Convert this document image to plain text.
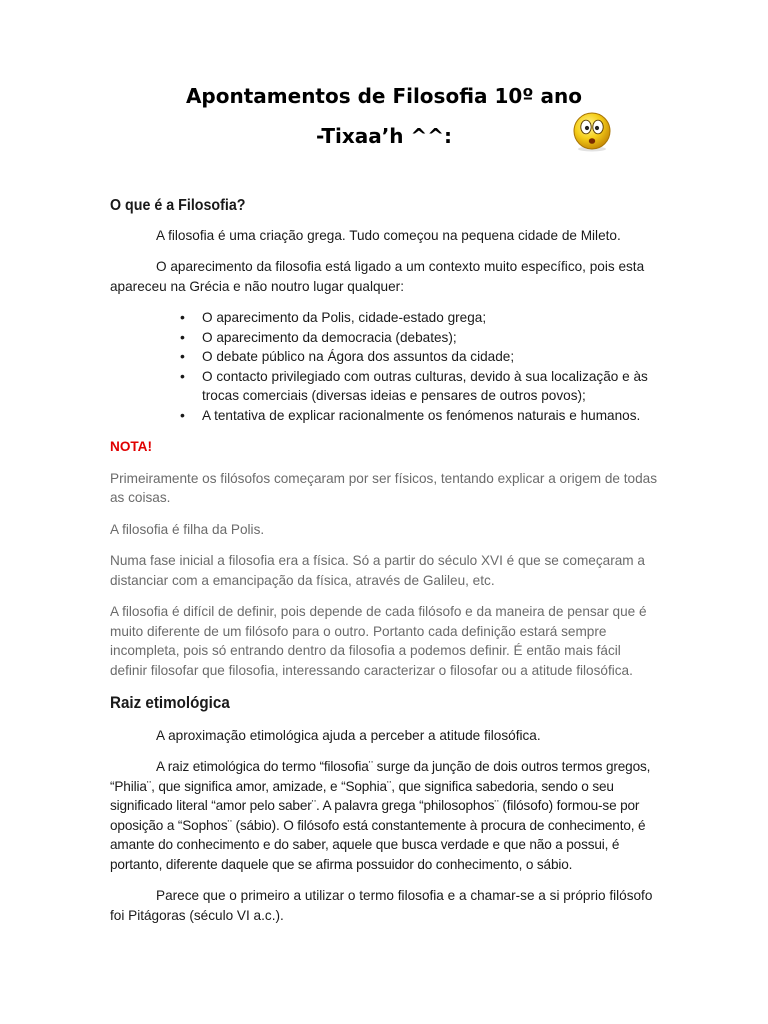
Apontamentos de Filosofia 10º ano
-Tixaa’h ^^:
O que é a Filosofia?

A filosofia é uma criação grega. Tudo começou na pequena cidade de Mileto.

O aparecimento da filosofia está ligado a um contexto muito específico, pois esta apareceu na Grécia e não noutro lugar qualquer:

• O aparecimento da Polis, cidade-estado grega;
• O aparecimento da democracia (debates);
• O debate público na Ágora dos assuntos da cidade;
• O contacto privilegiado com outras culturas, devido à sua localização e às trocas comerciais (diversas ideias e pensares de outros povos);
• A tentativa de explicar racionalmente os fenómenos naturais e humanos.
NOTA!

Primeiramente os filósofos começaram por ser físicos, tentando explicar a origem de todas as coisas.

A filosofia é filha da Polis.

Numa fase inicial a filosofia era a física. Só a partir do século XVI é que se começaram a distanciar com a emancipação da física, através de Galileu, etc.

A filosofia é difícil de definir, pois depende de cada filósofo e da maneira de pensar que é muito diferente de um filósofo para o outro. Portanto cada definição estará sempre incompleta, pois só entrando dentro da filosofia a podemos definir. É então mais fácil definir filosofar que filosofia, interessando caracterizar o filosofar ou a atitude filosófica.

Raiz etimológica

A aproximação etimológica ajuda a perceber a atitude filosófica.

A raiz etimológica do termo “filosofia¨ surge da junção de dois outros termos gregos, “Philia¨, que significa amor, amizade, e “Sophia¨, que significa sabedoria, sendo o seu significado literal “amor pelo saber¨. A palavra grega “philosophos¨ (filósofo) formou-se por oposição a “Sophos¨ (sábio). O filósofo está constantemente à procura de conhecimento, é amante do conhecimento e do saber, aquele que busca verdade e que não a possui, é portanto, diferente daquele que se afirma possuidor do conhecimento, o sábio.

Parece que o primeiro a utilizar o termo filosofia e a chamar-se a si próprio filósofo foi Pitágoras (século VI a.c.).
